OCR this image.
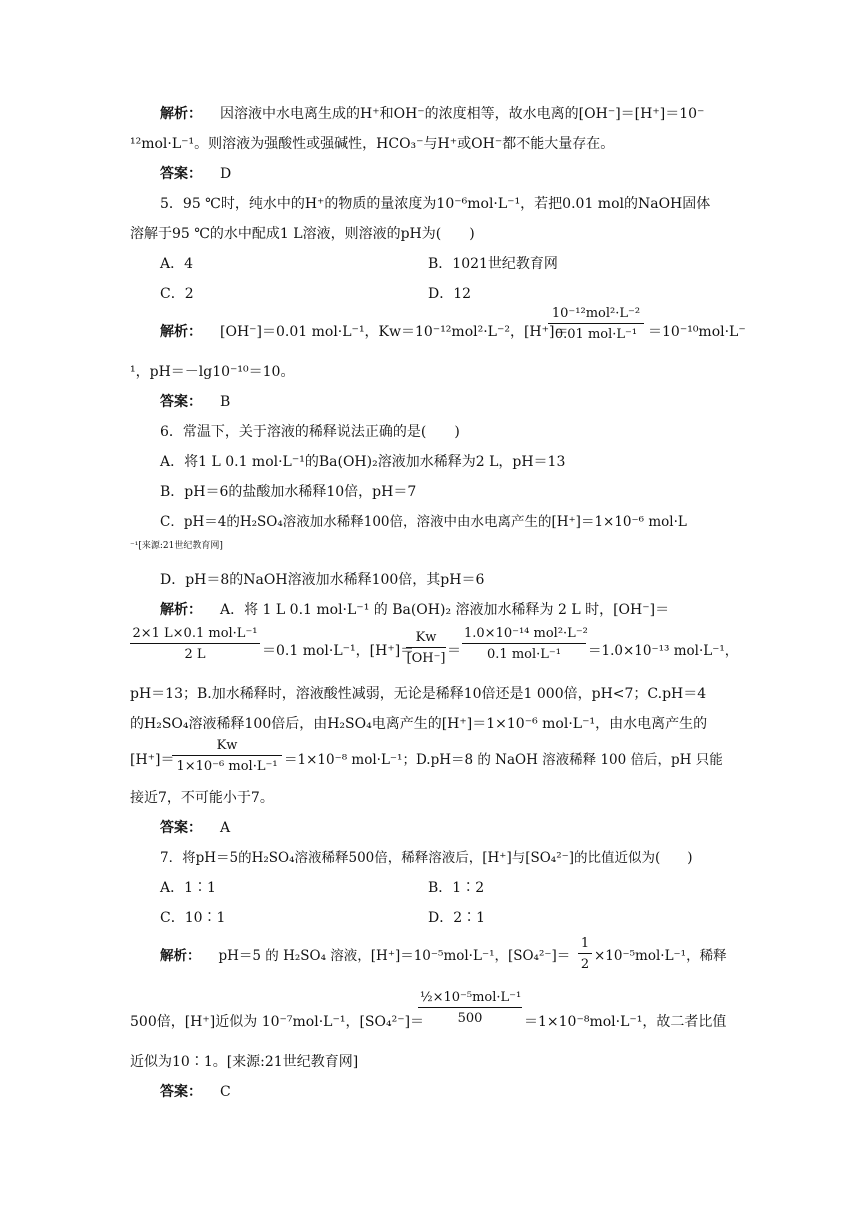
解析： 因溶液中水电离生成的H⁺和OH⁻的浓度相等，故水电离的[OH⁻]＝[H⁺]＝10⁻
¹²mol·L⁻¹。则溶液为强酸性或强碱性，HCO₃⁻与H⁺或OH⁻都不能大量存在。
答案： D
5．95 ℃时，纯水中的H⁺的物质的量浓度为10⁻⁶mol·L⁻¹，若把0.01 mol的NaOH固体
溶解于95 ℃的水中配成1 L溶液，则溶液的pH为(　　)
A．4	B．1021世纪教育网
C．2	D．12
解析： [OH⁻]＝0.01 mol·L⁻¹，Kw＝10⁻¹²mol²·L⁻²，[H⁺]＝
10⁻¹²mol²·L⁻²
0.01 mol·L⁻¹ ＝10⁻¹⁰mol·L⁻
¹，pH＝－lg10⁻¹⁰＝10。
答案： B
6．常温下，关于溶液的稀释说法正确的是(　　)
A．将1 L 0.1 mol·L⁻¹的Ba(OH)₂溶液加水稀释为2 L，pH＝13
B．pH＝6的盐酸加水稀释10倍，pH＝7
C．pH＝4的H₂SO₄溶液加水稀释100倍，溶液中由水电离产生的[H⁺]＝1×10⁻⁶ mol·L
⁻¹[来源:21世纪教育网]
D．pH＝8的NaOH溶液加水稀释100倍，其pH＝6
解析： A．将 1 L 0.1 mol·L⁻¹ 的 Ba(OH)₂ 溶液加水稀释为 2 L 时，[OH⁻]＝
2×1 L×0.1 mol·L⁻¹
2 L	＝0.1 mol·L⁻¹，[H⁺]＝
$\frac{Kw}{[OH^-]}$ ＝
1.0×10⁻¹⁴ mol²·L⁻²
0.1 mol·L⁻¹	＝1.0×10⁻¹³ mol·L⁻¹，
pH＝13；B.加水稀释时，溶液酸性减弱，无论是稀释10倍还是1 000倍，pH<7；C.pH＝4
的H₂SO₄溶液稀释100倍后，由H₂SO₄电离产生的[H⁺]＝1×10⁻⁶ mol·L⁻¹，由水电离产生的
[H⁺]＝
Kw
1×10⁻⁶ mol·L⁻¹ ＝1×10⁻⁸ mol·L⁻¹；D.pH＝8 的 NaOH 溶液稀释 100 倍后，pH 只能
接近7，不可能小于7。
答案： A
7．将pH＝5的H₂SO₄溶液稀释500倍，稀释溶液后，[H⁺]与[SO₄²⁻]的比值近似为(　　)
A．1∶1	B．1∶2
C．10∶1	D．2∶1
解析： pH＝5 的 H₂SO₄ 溶液，[H⁺]＝10⁻⁵mol·L⁻¹，$[SO_4^{2-}]= \frac{1}{2} \times 10^{-5}mol\cdot L^{-1}$，稀释
500倍，[H⁺]近似为 10⁻⁷mol·L⁻¹，[SO₄²⁻]＝
½×10⁻⁵mol·L⁻¹
500	＝1×10⁻⁸mol·L⁻¹，故二者比值
近似为10∶1。[来源:21世纪教育网]
答案： C
